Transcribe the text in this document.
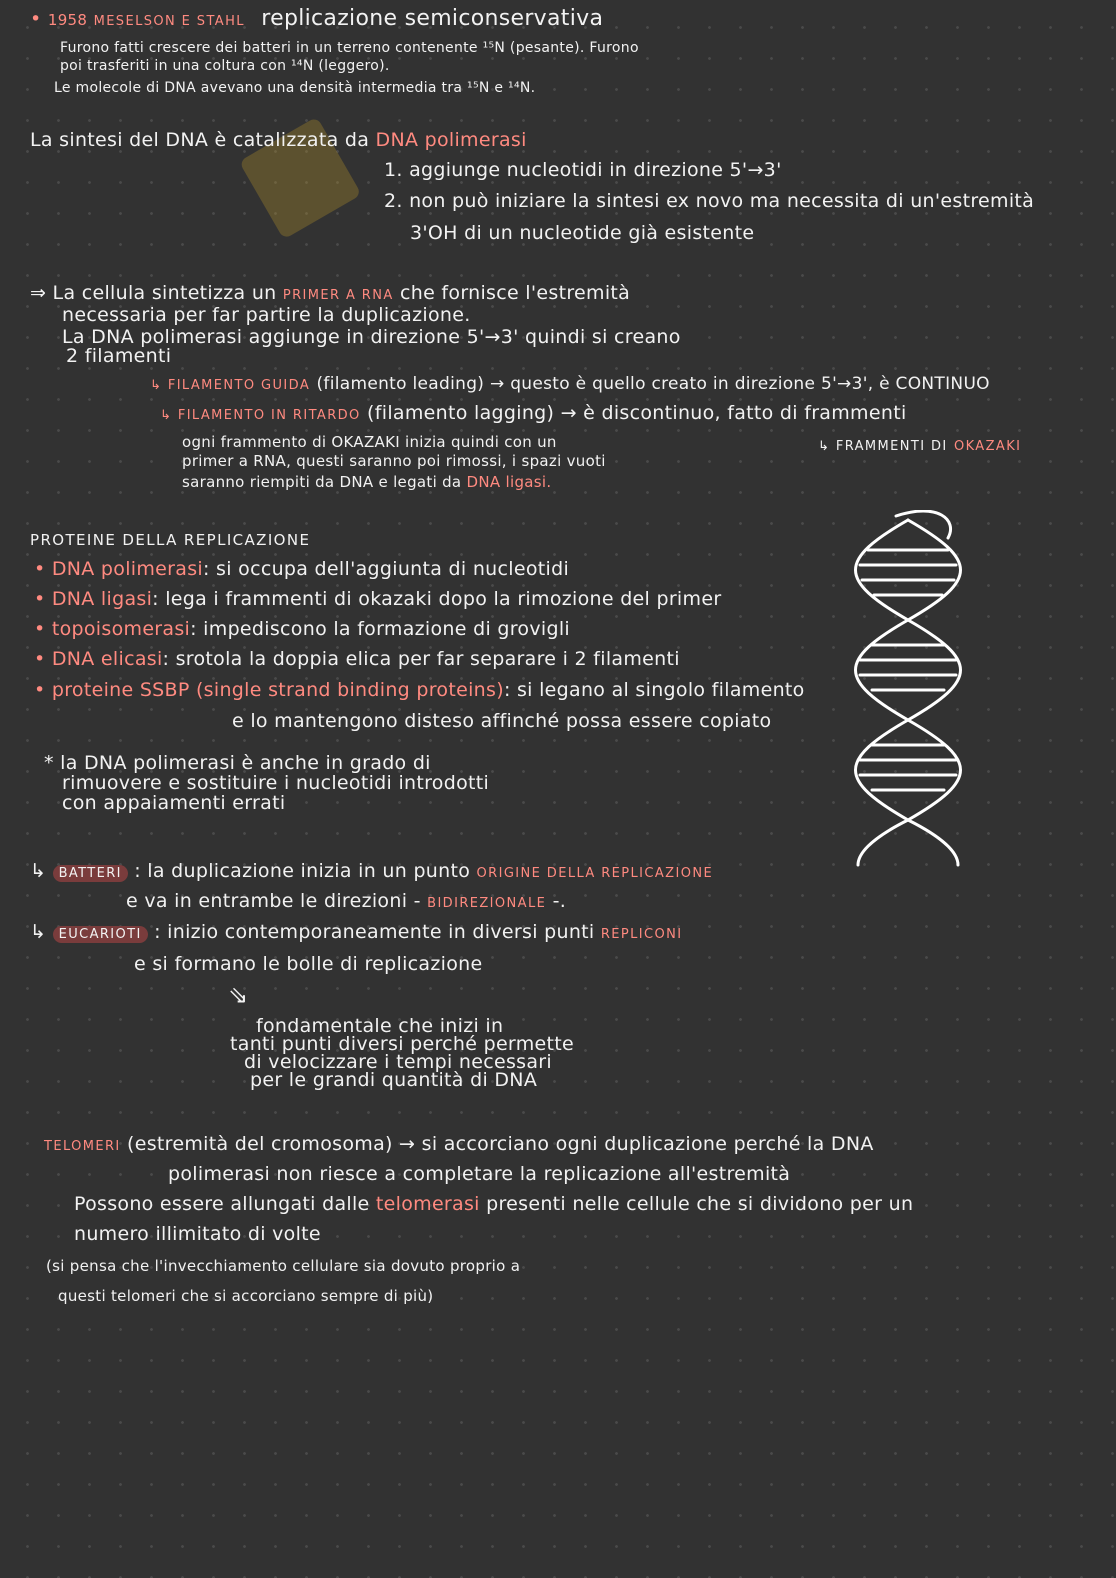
• 1958 MESELSON E STAHL replicazione semiconservativa
Furono fatti crescere dei batteri in un terreno contenente ¹⁵N (pesante). Furono
poi trasferiti in una coltura con ¹⁴N (leggero).
Le molecole di DNA avevano una densità intermedia tra ¹⁵N e ¹⁴N.
La sintesi del DNA è catalizzata da DNA polimerasi
1. aggiunge nucleotidi in direzione 5'→3'
2. non può iniziare la sintesi ex novo ma necessita di un'estremità
3'OH di un nucleotide già esistente
⇒ La cellula sintetizza un PRIMER A RNA che fornisce l'estremità
necessaria per far partire la duplicazione.
La DNA polimerasi aggiunge in direzione 5'→3' quindi si creano
2 filamenti
↳ FILAMENTO GUIDA (filamento leading) → questo è quello creato in direzione 5'→3', è CONTINUO
↳ FILAMENTO IN RITARDO (filamento lagging) → è discontinuo, fatto di frammenti
ogni frammento di OKAZAKI inizia quindi con un	↳ FRAMMENTI DI OKAZAKI
primer a RNA, questi saranno poi rimossi, i spazi vuoti
saranno riempiti da DNA e legati da DNA ligasi.
PROTEINE DELLA REPLICAZIONE
• DNA polimerasi: si occupa dell'aggiunta di nucleotidi
• DNA ligasi: lega i frammenti di okazaki dopo la rimozione del primer
• topoisomerasi: impediscono la formazione di grovigli
• DNA elicasi: srotola la doppia elica per far separare i 2 filamenti
• proteine SSBP (single strand binding proteins): si legano al singolo filamento
e lo mantengono disteso affinché possa essere copiato
* la DNA polimerasi è anche in grado di
rimuovere e sostituire i nucleotidi introdotti
con appaiamenti errati
↳ BATTERI : la duplicazione inizia in un punto ORIGINE DELLA REPLICAZIONE
e va in entrambe le direzioni - BIDIREZIONALE -.
↳ EUCARIOTI : inizio contemporaneamente in diversi punti REPLICONI
e si formano le bolle di replicazione
⇘
fondamentale che inizi in
tanti punti diversi perché permette
di velocizzare i tempi necessari
per le grandi quantità di DNA
TELOMERI (estremità del cromosoma) → si accorciano ogni duplicazione perché la DNA
polimerasi non riesce a completare la replicazione all'estremità
Possono essere allungati dalle telomerasi presenti nelle cellule che si dividono per un
numero illimitato di volte
(si pensa che l'invecchiamento cellulare sia dovuto proprio a
questi telomeri che si accorciano sempre di più)
